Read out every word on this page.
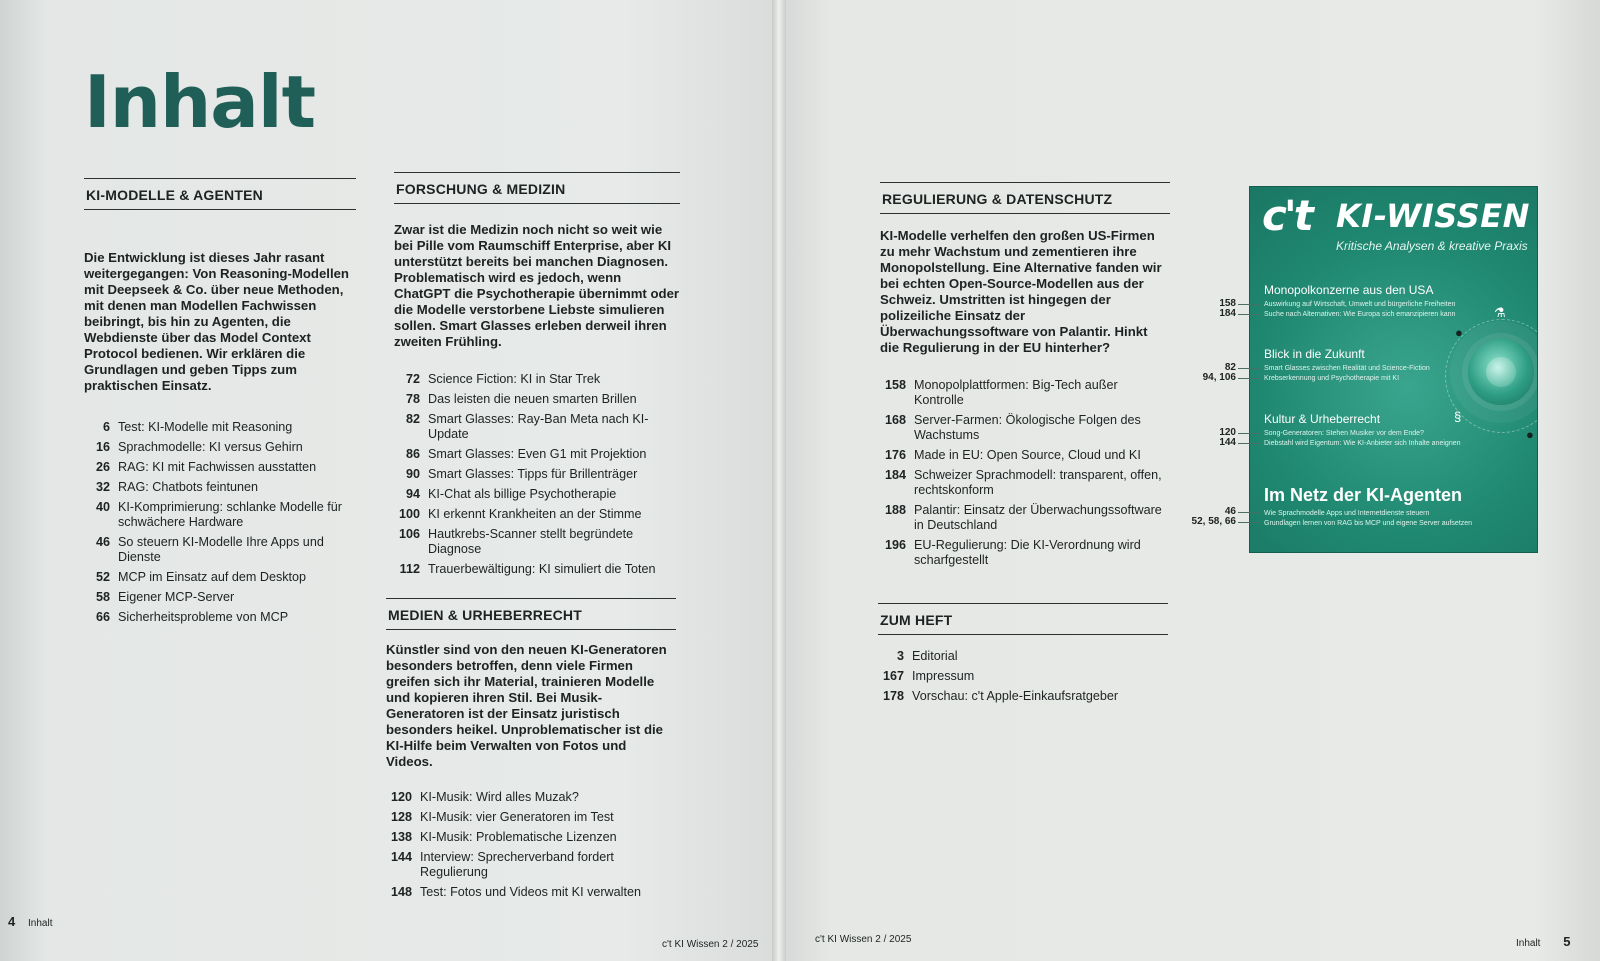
Inhalt
KI-MODELLE & AGENTEN
Die Entwicklung ist dieses Jahr rasant weitergegangen: Von Reasoning-Modellen mit Deepseek & Co. über neue Methoden, mit denen man Modellen Fachwissen beibringt, bis hin zu Agenten, die Webdienste über das Model Context Protocol bedienen. Wir erklären die Grundlagen und geben Tipps zum praktischen Einsatz.
6 Test: KI-Modelle mit Reasoning
16 Sprachmodelle: KI versus Gehirn
26 RAG: KI mit Fachwissen ausstatten
32 RAG: Chatbots feintunen
40 KI-Komprimierung: schlanke Modelle für schwächere Hardware
46 So steuern KI-Modelle Ihre Apps und Dienste
52 MCP im Einsatz auf dem Desktop
58 Eigener MCP-Server
66 Sicherheitsprobleme von MCP
FORSCHUNG & MEDIZIN
Zwar ist die Medizin noch nicht so weit wie bei Pille vom Raumschiff Enterprise, aber KI unterstützt bereits bei manchen Diagnosen. Problematisch wird es jedoch, wenn ChatGPT die Psychotherapie übernimmt oder die Modelle verstorbene Liebste simulieren sollen. Smart Glasses erleben derweil ihren zweiten Frühling.
72 Science Fiction: KI in Star Trek
78 Das leisten die neuen smarten Brillen
82 Smart Glasses: Ray-Ban Meta nach KI-Update
86 Smart Glasses: Even G1 mit Projektion
90 Smart Glasses: Tipps für Brillenträger
94 KI-Chat als billige Psychotherapie
100 KI erkennt Krankheiten an der Stimme
106 Hautkrebs-Scanner stellt begründete Diagnose
112 Trauerbewältigung: KI simuliert die Toten
MEDIEN & URHEBERRECHT
Künstler sind von den neuen KI-Generatoren besonders betroffen, denn viele Firmen greifen sich ihr Material, trainieren Modelle und kopieren ihren Stil. Bei Musik-Generatoren ist der Einsatz juristisch besonders heikel. Unproblematischer ist die KI-Hilfe beim Verwalten von Fotos und Videos.
120 KI-Musik: Wird alles Muzak?
128 KI-Musik: vier Generatoren im Test
138 KI-Musik: Problematische Lizenzen
144 Interview: Sprecherverband fordert Regulierung
148 Test: Fotos und Videos mit KI verwalten
REGULIERUNG & DATENSCHUTZ
KI-Modelle verhelfen den großen US-Firmen zu mehr Wachstum und zementieren ihre Monopolstellung. Eine Alternative fanden wir bei echten Open-Source-Modellen aus der Schweiz. Umstritten ist hingegen der polizeiliche Einsatz der Überwachungssoftware von Palantir. Hinkt die Regulierung in der EU hinterher?
158 Monopolplattformen: Big-Tech außer Kontrolle
168 Server-Farmen: Ökologische Folgen des Wachstums
176 Made in EU: Open Source, Cloud und KI
184 Schweizer Sprachmodell: transparent, offen, rechtskonform
188 Palantir: Einsatz der Überwachungssoftware in Deutschland
196 EU-Regulierung: Die KI-Verordnung wird scharfgestellt
ZUM HEFT
3 Editorial
167 Impressum
178 Vorschau: c't Apple-Einkaufsratgeber
c't KI-WISSEN
Kritische Analysen & kreative Praxis
⚗
●
§
●
Monopolkonzerne aus den USA
Auswirkung auf Wirtschaft, Umwelt und bürgerliche Freiheiten
Suche nach Alternativen: Wie Europa sich emanzipieren kann
Blick in die Zukunft
Smart Glasses zwischen Realität und Science-Fiction
Krebserkennung und Psychotherapie mit KI
Kultur & Urheberrecht
Song-Generatoren: Stehen Musiker vor dem Ende?
Diebstahl wird Eigentum: Wie KI-Anbieter sich Inhalte aneignen
Im Netz der KI-Agenten
Wie Sprachmodelle Apps und Internetdienste steuern
Grundlagen lernen von RAG bis MCP und eigene Server aufsetzen
158
184
82
94, 106
120
144
46
52, 58, 66
4 Inhalt
c't KI Wissen 2 / 2025	c't KI Wissen 2 / 2025	Inhalt 5
